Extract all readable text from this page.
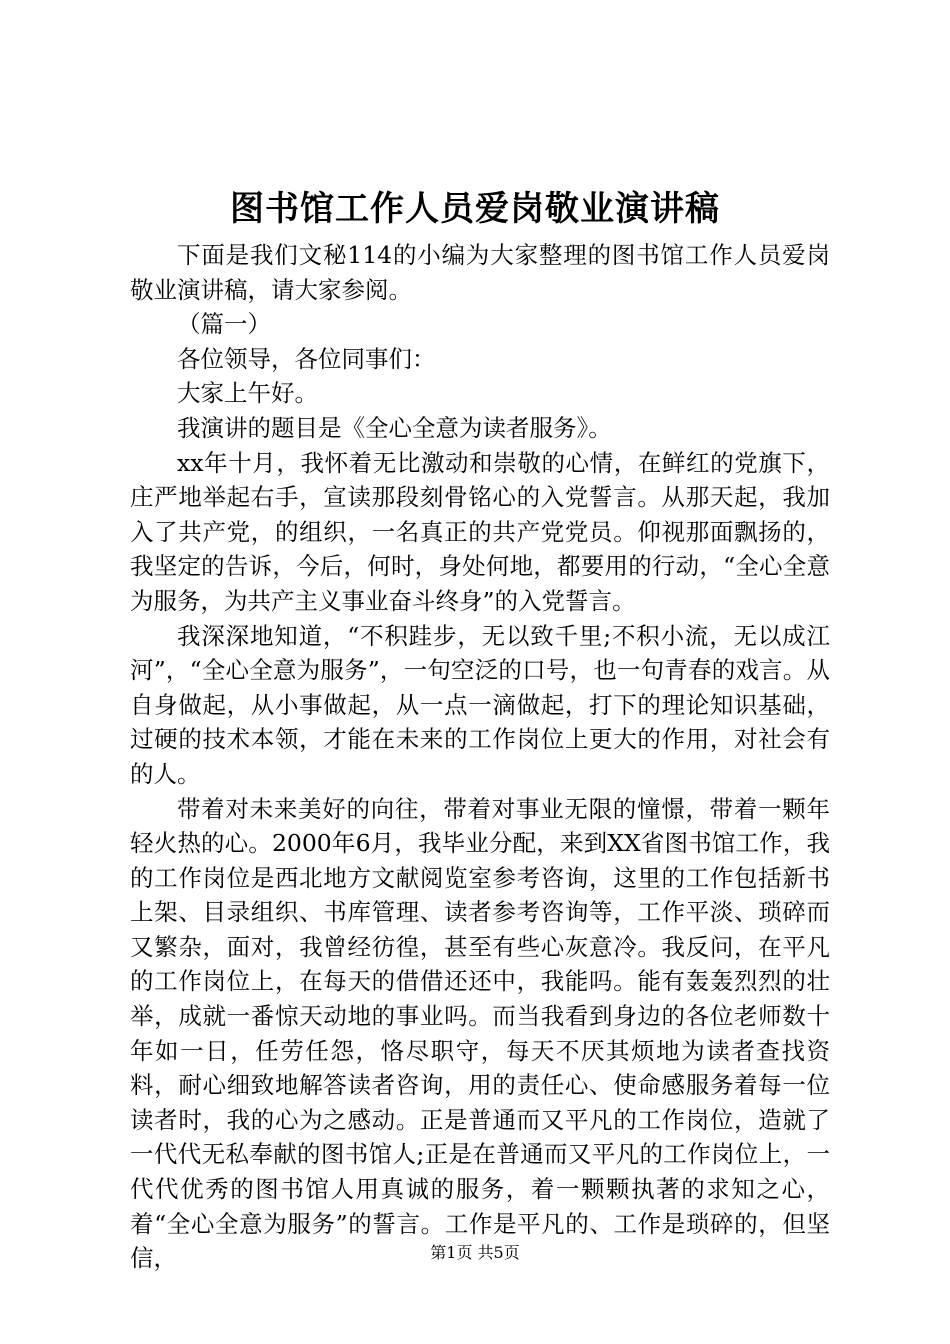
图书馆工作人员爱岗敬业演讲稿

下面是我们文秘114的小编为大家整理的图书馆工作人员爱岗敬业演讲稿，请大家参阅。

（篇一）

各位领导，各位同事们：

大家上午好。

我演讲的题目是《全心全意为读者服务》。

xx年十月，我怀着无比激动和崇敬的心情，在鲜红的党旗下，庄严地举起右手，宣读那段刻骨铭心的入党誓言。从那天起，我加入了共产党，的组织，一名真正的共产党党员。仰视那面飘扬的，我坚定的告诉，今后，何时，身处何地，都要用的行动，“全心全意为服务，为共产主义事业奋斗终身”的入党誓言。

我深深地知道，“不积跬步，无以致千里;不积小流，无以成江河”，“全心全意为服务”，一句空泛的口号，也一句青春的戏言。从自身做起，从小事做起，从一点一滴做起，打下的理论知识基础，过硬的技术本领，才能在未来的工作岗位上更大的作用，对社会有的人。

带着对未来美好的向往，带着对事业无限的憧憬，带着一颗年轻火热的心。2000年6月，我毕业分配，来到XX省图书馆工作，我的工作岗位是西北地方文献阅览室参考咨询，这里的工作包括新书上架、目录组织、书库管理、读者参考咨询等，工作平淡、琐碎而又繁杂，面对，我曾经彷徨，甚至有些心灰意冷。我反问，在平凡的工作岗位上，在每天的借借还还中，我能吗。能有轰轰烈烈的壮举，成就一番惊天动地的事业吗。而当我看到身边的各位老师数十年如一日，任劳任怨，恪尽职守，每天不厌其烦地为读者查找资料，耐心细致地解答读者咨询，用的责任心、使命感服务着每一位读者时，我的心为之感动。正是普通而又平凡的工作岗位，造就了一代代无私奉献的图书馆人;正是在普通而又平凡的工作岗位上，一代代优秀的图书馆人用真诚的服务，着一颗颗执著的求知之心，着“全心全意为服务”的誓言。工作是平凡的、工作是琐碎的，但坚信，	第1页 共5页
